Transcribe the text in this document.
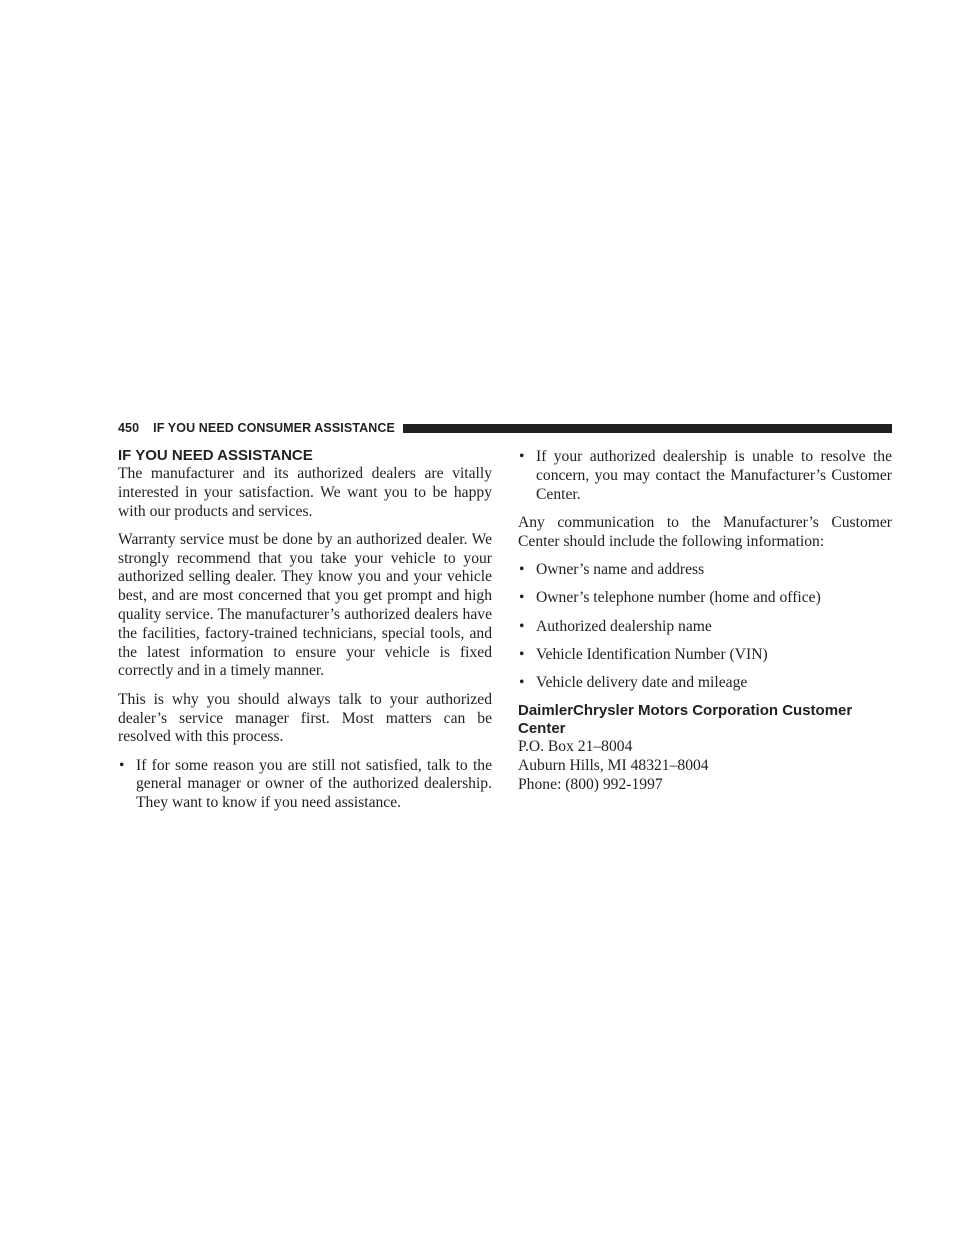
450 IF YOU NEED CONSUMER ASSISTANCE
IF YOU NEED ASSISTANCE

The manufacturer and its authorized dealers are vitally interested in your satisfaction. We want you to be happy with our products and services.

Warranty service must be done by an authorized dealer. We strongly recommend that you take your vehicle to your authorized selling dealer. They know you and your vehicle best, and are most concerned that you get prompt and high quality service. The manufacturer’s authorized dealers have the facilities, factory-trained technicians, special tools, and the latest information to ensure your vehicle is fixed correctly and in a timely manner.

This is why you should always talk to your authorized dealer’s service manager first. Most matters can be resolved with this process.

• If for some reason you are still not satisfied, talk to the general manager or owner of the authorized dealership. They want to know if you need assistance.
• If your authorized dealership is unable to resolve the concern, you may contact the Manufacturer’s Customer Center.

Any communication to the Manufacturer’s Customer Center should include the following information:

• Owner’s name and address
• Owner’s telephone number (home and office)
• Authorized dealership name
• Vehicle Identification Number (VIN)
• Vehicle delivery date and mileage
DaimlerChrysler Motors Corporation Customer Center
P.O. Box 21–8004
Auburn Hills, MI 48321–8004
Phone: (800) 992-1997
